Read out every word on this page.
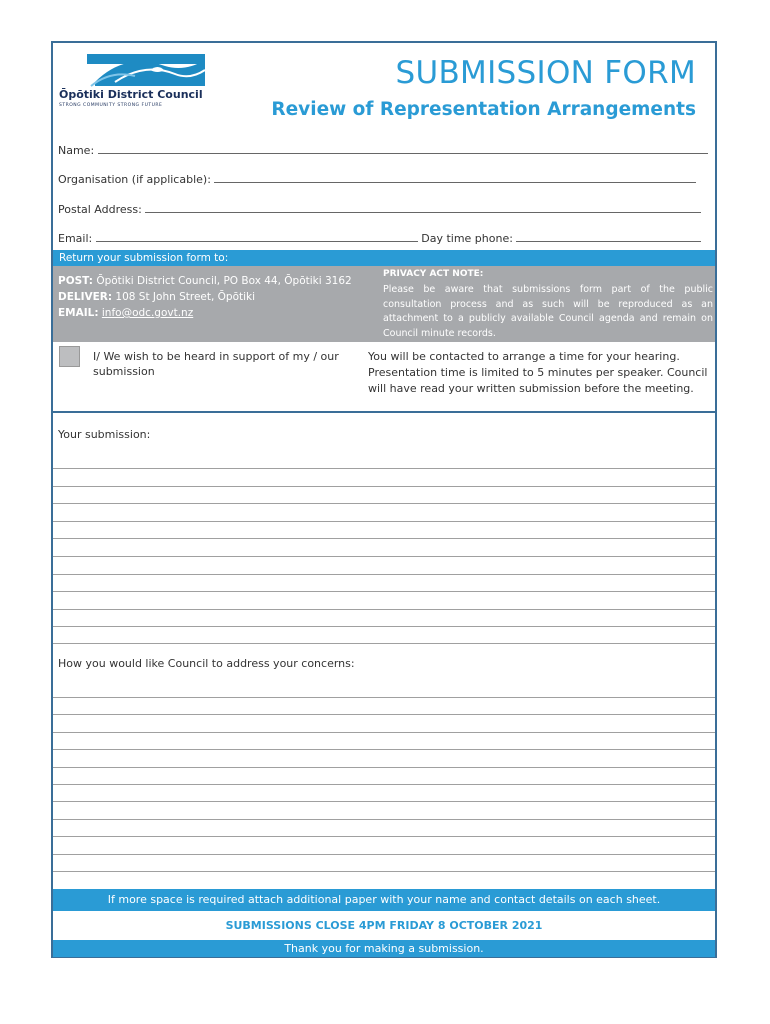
Ōpōtiki District Council
STRONG COMMUNITY STRONG FUTURE
SUBMISSION FORM
Review of Representation Arrangements
Name:
Organisation (if applicable):
Postal Address:
Email:	Day time phone:
Return your submission form to:
POST: Ōpōtiki District Council, PO Box 44, Ōpōtiki 3162
DELIVER: 108 St John Street, Ōpōtiki
EMAIL: info@odc.govt.nz
PRIVACY ACT NOTE:
Please be aware that submissions form part of the public consultation process and as such will be reproduced as an attachment to a publicly available Council agenda and remain on Council minute records.
I/ We wish to be heard in support of my / our submission
You will be contacted to arrange a time for your hearing. Presentation time is limited to 5 minutes per speaker. Council will have read your written submission before the meeting.
Your submission:
How you would like Council to address your concerns:
If more space is required attach additional paper with your name and contact details on each sheet.
SUBMISSIONS CLOSE 4PM FRIDAY 8 OCTOBER 2021
Thank you for making a submission.
